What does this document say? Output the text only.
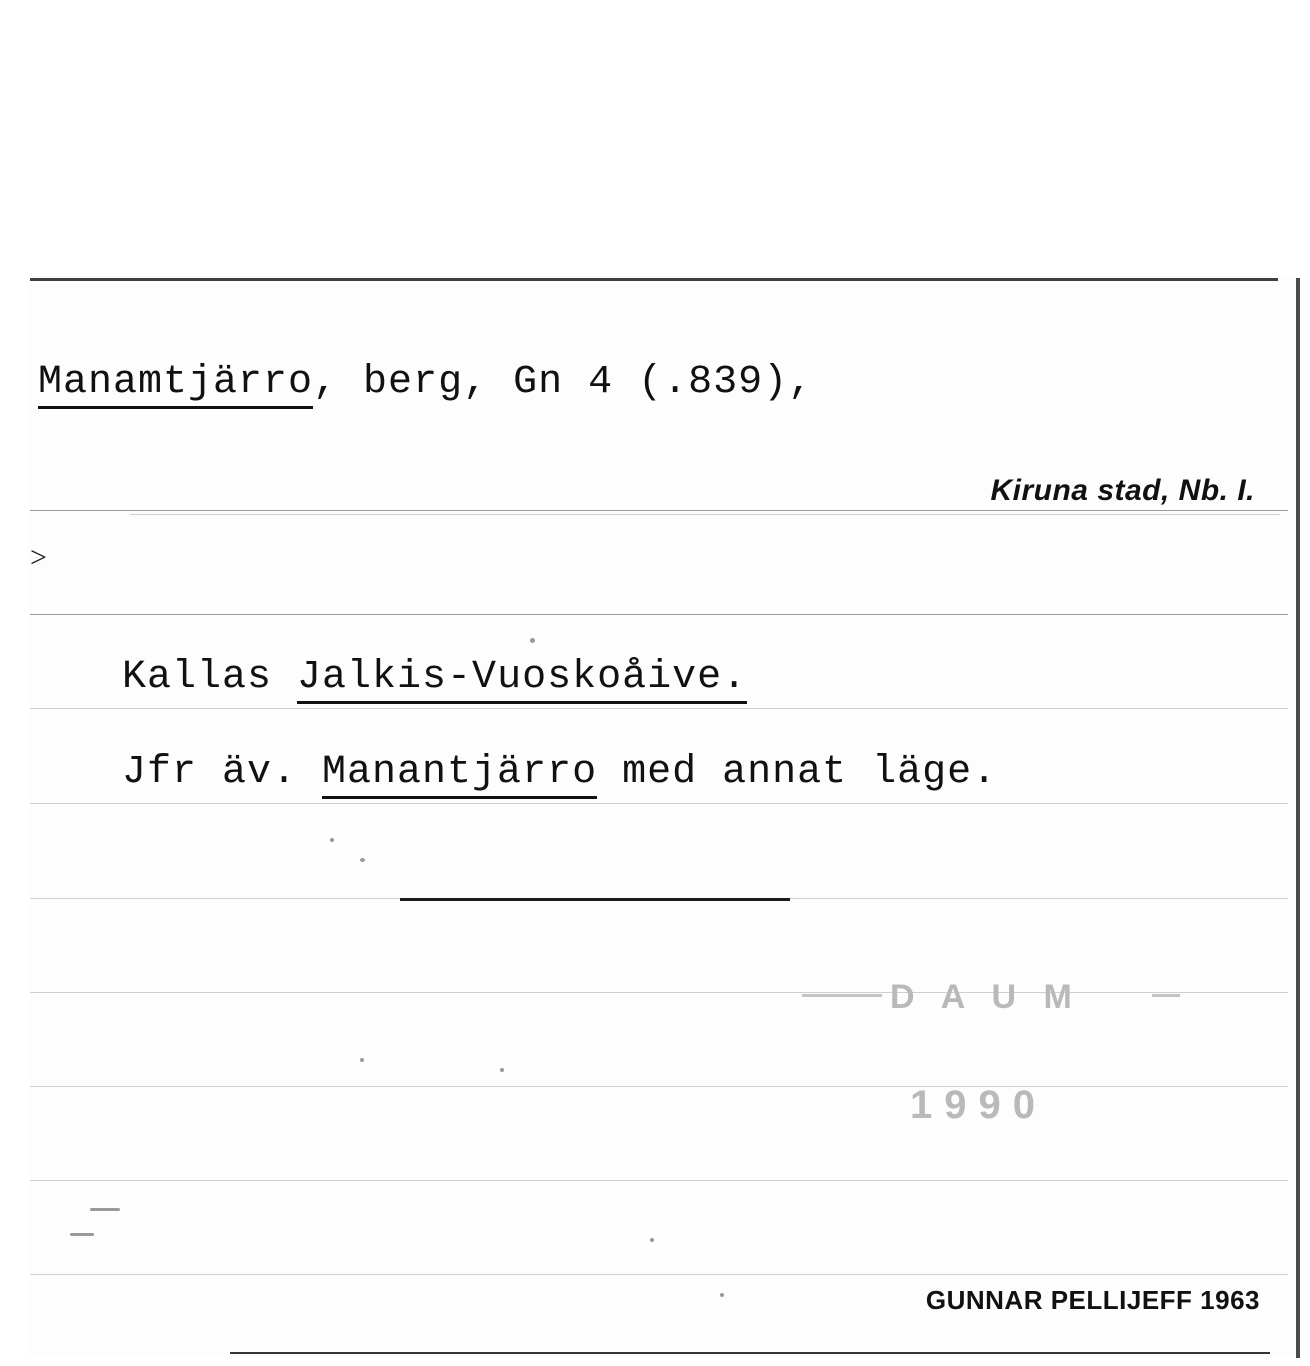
>
Manamtjärro, berg, Gn 4 (.839),
Kiruna stad, Nb. I.
Kallas Jalkis-Vuoskoåive.
Jfr äv. Manantjärro med annat läge.
D A U M
1990
GUNNAR PELLIJEFF 1963
